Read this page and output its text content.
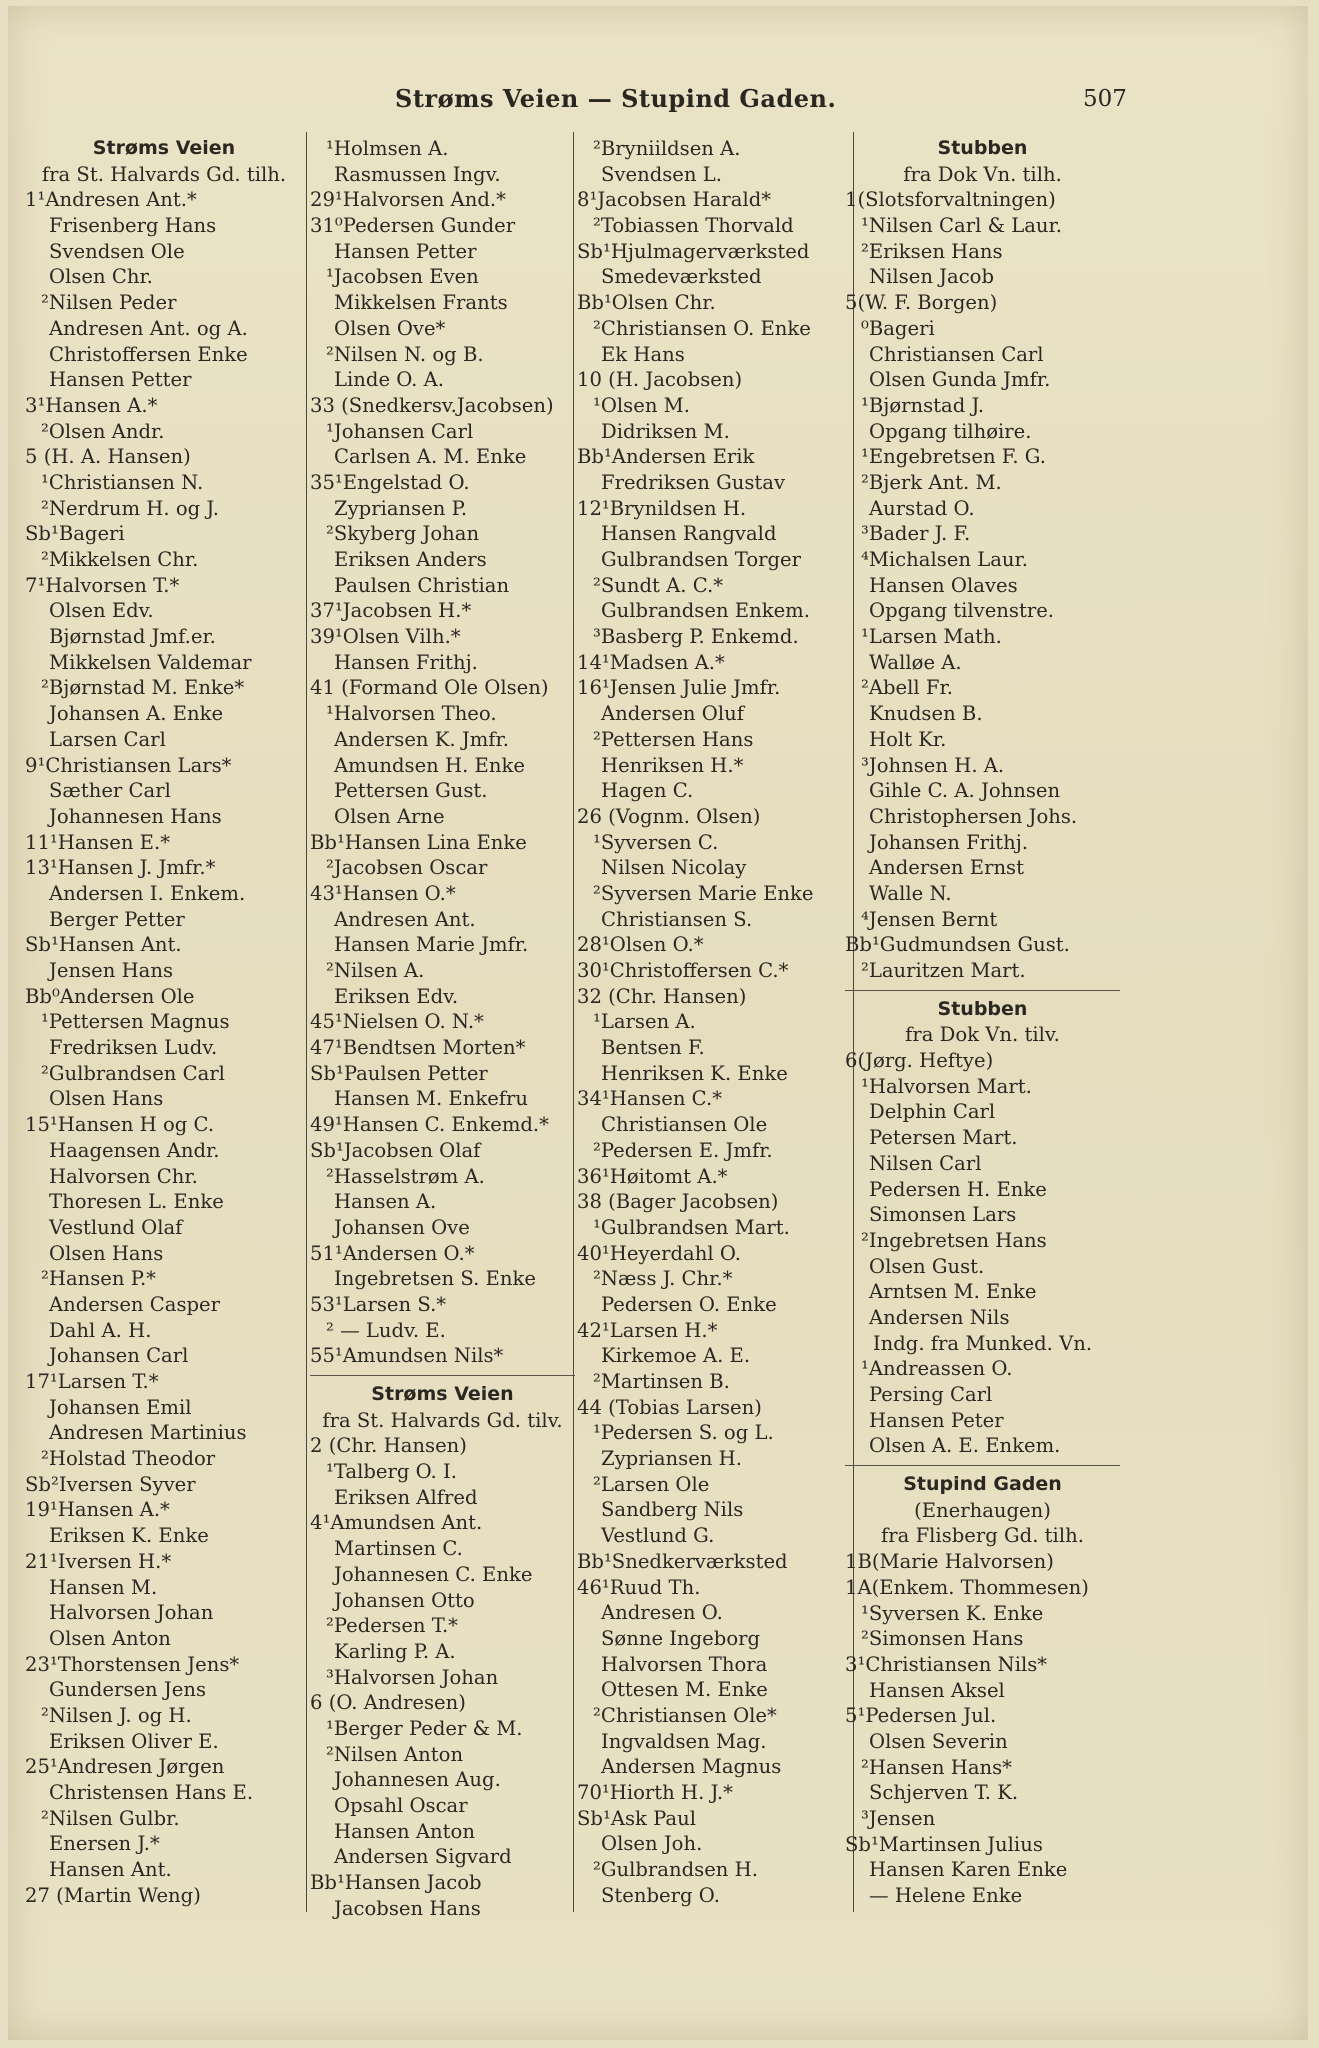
Strøms Veien — Stupind Gaden.	507
Strøms Veien
fra St. Halvards Gd. tilh.
1¹Andresen Ant.*
Frisenberg Hans
Svendsen Ole
Olsen Chr.
²Nilsen Peder
Andresen Ant. og A.
Christoffersen Enke
Hansen Petter
3¹Hansen A.*
²Olsen Andr.
5 (H. A. Hansen)
¹Christiansen N.
²Nerdrum H. og J.
Sb¹Bageri
²Mikkelsen Chr.
7¹Halvorsen T.*
Olsen Edv.
Bjørnstad Jmf.er.
Mikkelsen Valdemar
²Bjørnstad M. Enke*
Johansen A. Enke
Larsen Carl
9¹Christiansen Lars*
Sæther Carl
Johannesen Hans
11¹Hansen E.*
13¹Hansen J. Jmfr.*
Andersen I. Enkem.
Berger Petter
Sb¹Hansen Ant.
Jensen Hans
Bb⁰Andersen Ole
¹Pettersen Magnus
Fredriksen Ludv.
²Gulbrandsen Carl
Olsen Hans
15¹Hansen H og C.
Haagensen Andr.
Halvorsen Chr.
Thoresen L. Enke
Vestlund Olaf
Olsen Hans
²Hansen P.*
Andersen Casper
Dahl A. H.
Johansen Carl
17¹Larsen T.*
Johansen Emil
Andresen Martinius
²Holstad Theodor
Sb²Iversen Syver
19¹Hansen A.*
Eriksen K. Enke
21¹Iversen H.*
Hansen M.
Halvorsen Johan
Olsen Anton
23¹Thorstensen Jens*
Gundersen Jens
²Nilsen J. og H.
Eriksen Oliver E.
25¹Andresen Jørgen
Christensen Hans E.
²Nilsen Gulbr.
Enersen J.*
Hansen Ant.
27 (Martin Weng)
¹Holmsen A.
Rasmussen Ingv.
29¹Halvorsen And.*
31⁰Pedersen Gunder
Hansen Petter
¹Jacobsen Even
Mikkelsen Frants
Olsen Ove*
²Nilsen N. og B.
Linde O. A.
33 (Snedkersv.Jacobsen)
¹Johansen Carl
Carlsen A. M. Enke
35¹Engelstad O.
Zypriansen P.
²Skyberg Johan
Eriksen Anders
Paulsen Christian
37¹Jacobsen H.*
39¹Olsen Vilh.*
Hansen Frithj.
41 (Formand Ole Olsen)
¹Halvorsen Theo.
Andersen K. Jmfr.
Amundsen H. Enke
Pettersen Gust.
Olsen Arne
Bb¹Hansen Lina Enke
²Jacobsen Oscar
43¹Hansen O.*
Andresen Ant.
Hansen Marie Jmfr.
²Nilsen A.
Eriksen Edv.
45¹Nielsen O. N.*
47¹Bendtsen Morten*
Sb¹Paulsen Petter
Hansen M. Enkefru
49¹Hansen C. Enkemd.*
Sb¹Jacobsen Olaf
²Hasselstrøm A.
Hansen A.
Johansen Ove
51¹Andersen O.*
Ingebretsen S. Enke
53¹Larsen S.*
² — Ludv. E.
55¹Amundsen Nils*
Strøms Veien
fra St. Halvards Gd. tilv.
2 (Chr. Hansen)
¹Talberg O. I.
Eriksen Alfred
4¹Amundsen Ant.
Martinsen C.
Johannesen C. Enke
Johansen Otto
²Pedersen T.*
Karling P. A.
³Halvorsen Johan
6 (O. Andresen)
¹Berger Peder & M.
²Nilsen Anton
Johannesen Aug.
Opsahl Oscar
Hansen Anton
Andersen Sigvard
Bb¹Hansen Jacob
Jacobsen Hans
²Bryniildsen A.
Svendsen L.
8¹Jacobsen Harald*
²Tobiassen Thorvald
Sb¹Hjulmagerværksted
Smedeværksted
Bb¹Olsen Chr.
²Christiansen O. Enke
Ek Hans
10 (H. Jacobsen)
¹Olsen M.
Didriksen M.
Bb¹Andersen Erik
Fredriksen Gustav
12¹Brynildsen H.
Hansen Rangvald
Gulbrandsen Torger
²Sundt A. C.*
Gulbrandsen Enkem.
³Basberg P. Enkemd.
14¹Madsen A.*
16¹Jensen Julie Jmfr.
Andersen Oluf
²Pettersen Hans
Henriksen H.*
Hagen C.
26 (Vognm. Olsen)
¹Syversen C.
Nilsen Nicolay
²Syversen Marie Enke
Christiansen S.
28¹Olsen O.*
30¹Christoffersen C.*
32 (Chr. Hansen)
¹Larsen A.
Bentsen F.
Henriksen K. Enke
34¹Hansen C.*
Christiansen Ole
²Pedersen E. Jmfr.
36¹Høitomt A.*
38 (Bager Jacobsen)
¹Gulbrandsen Mart.
40¹Heyerdahl O.
²Næss J. Chr.*
Pedersen O. Enke
42¹Larsen H.*
Kirkemoe A. E.
²Martinsen B.
44 (Tobias Larsen)
¹Pedersen S. og L.
Zypriansen H.
²Larsen Ole
Sandberg Nils
Vestlund G.
Bb¹Snedkerværksted
46¹Ruud Th.
Andresen O.
Sønne Ingeborg
Halvorsen Thora
Ottesen M. Enke
²Christiansen Ole*
Ingvaldsen Mag.
Andersen Magnus
70¹Hiorth H. J.*
Sb¹Ask Paul
Olsen Joh.
²Gulbrandsen H.
Stenberg O.
Stubben
fra Dok Vn. tilh.
1(Slotsforvaltningen)
¹Nilsen Carl & Laur.
²Eriksen Hans
Nilsen Jacob
5(W. F. Borgen)
⁰Bageri
Christiansen Carl
Olsen Gunda Jmfr.
¹Bjørnstad J.
Opgang tilhøire.
¹Engebretsen F. G.
²Bjerk Ant. M.
Aurstad O.
³Bader J. F.
⁴Michalsen Laur.
Hansen Olaves
Opgang tilvenstre.
¹Larsen Math.
Walløe A.
²Abell Fr.
Knudsen B.
Holt Kr.
³Johnsen H. A.
Gihle C. A. Johnsen
Christophersen Johs.
Johansen Frithj.
Andersen Ernst
Walle N.
⁴Jensen Bernt
Bb¹Gudmundsen Gust.
²Lauritzen Mart.
Stubben
fra Dok Vn. tilv.
6(Jørg. Heftye)
¹Halvorsen Mart.
Delphin Carl
Petersen Mart.
Nilsen Carl
Pedersen H. Enke
Simonsen Lars
²Ingebretsen Hans
Olsen Gust.
Arntsen M. Enke
Andersen Nils
Indg. fra Munked. Vn.
¹Andreassen O.
Persing Carl
Hansen Peter
Olsen A. E. Enkem.
Stupind Gaden
(Enerhaugen)
fra Flisberg Gd. tilh.
1B(Marie Halvorsen)
1A(Enkem. Thommesen)
¹Syversen K. Enke
²Simonsen Hans
3¹Christiansen Nils*
Hansen Aksel
5¹Pedersen Jul.
Olsen Severin
²Hansen Hans*
Schjerven T. K.
³Jensen
Sb¹Martinsen Julius
Hansen Karen Enke
— Helene Enke
